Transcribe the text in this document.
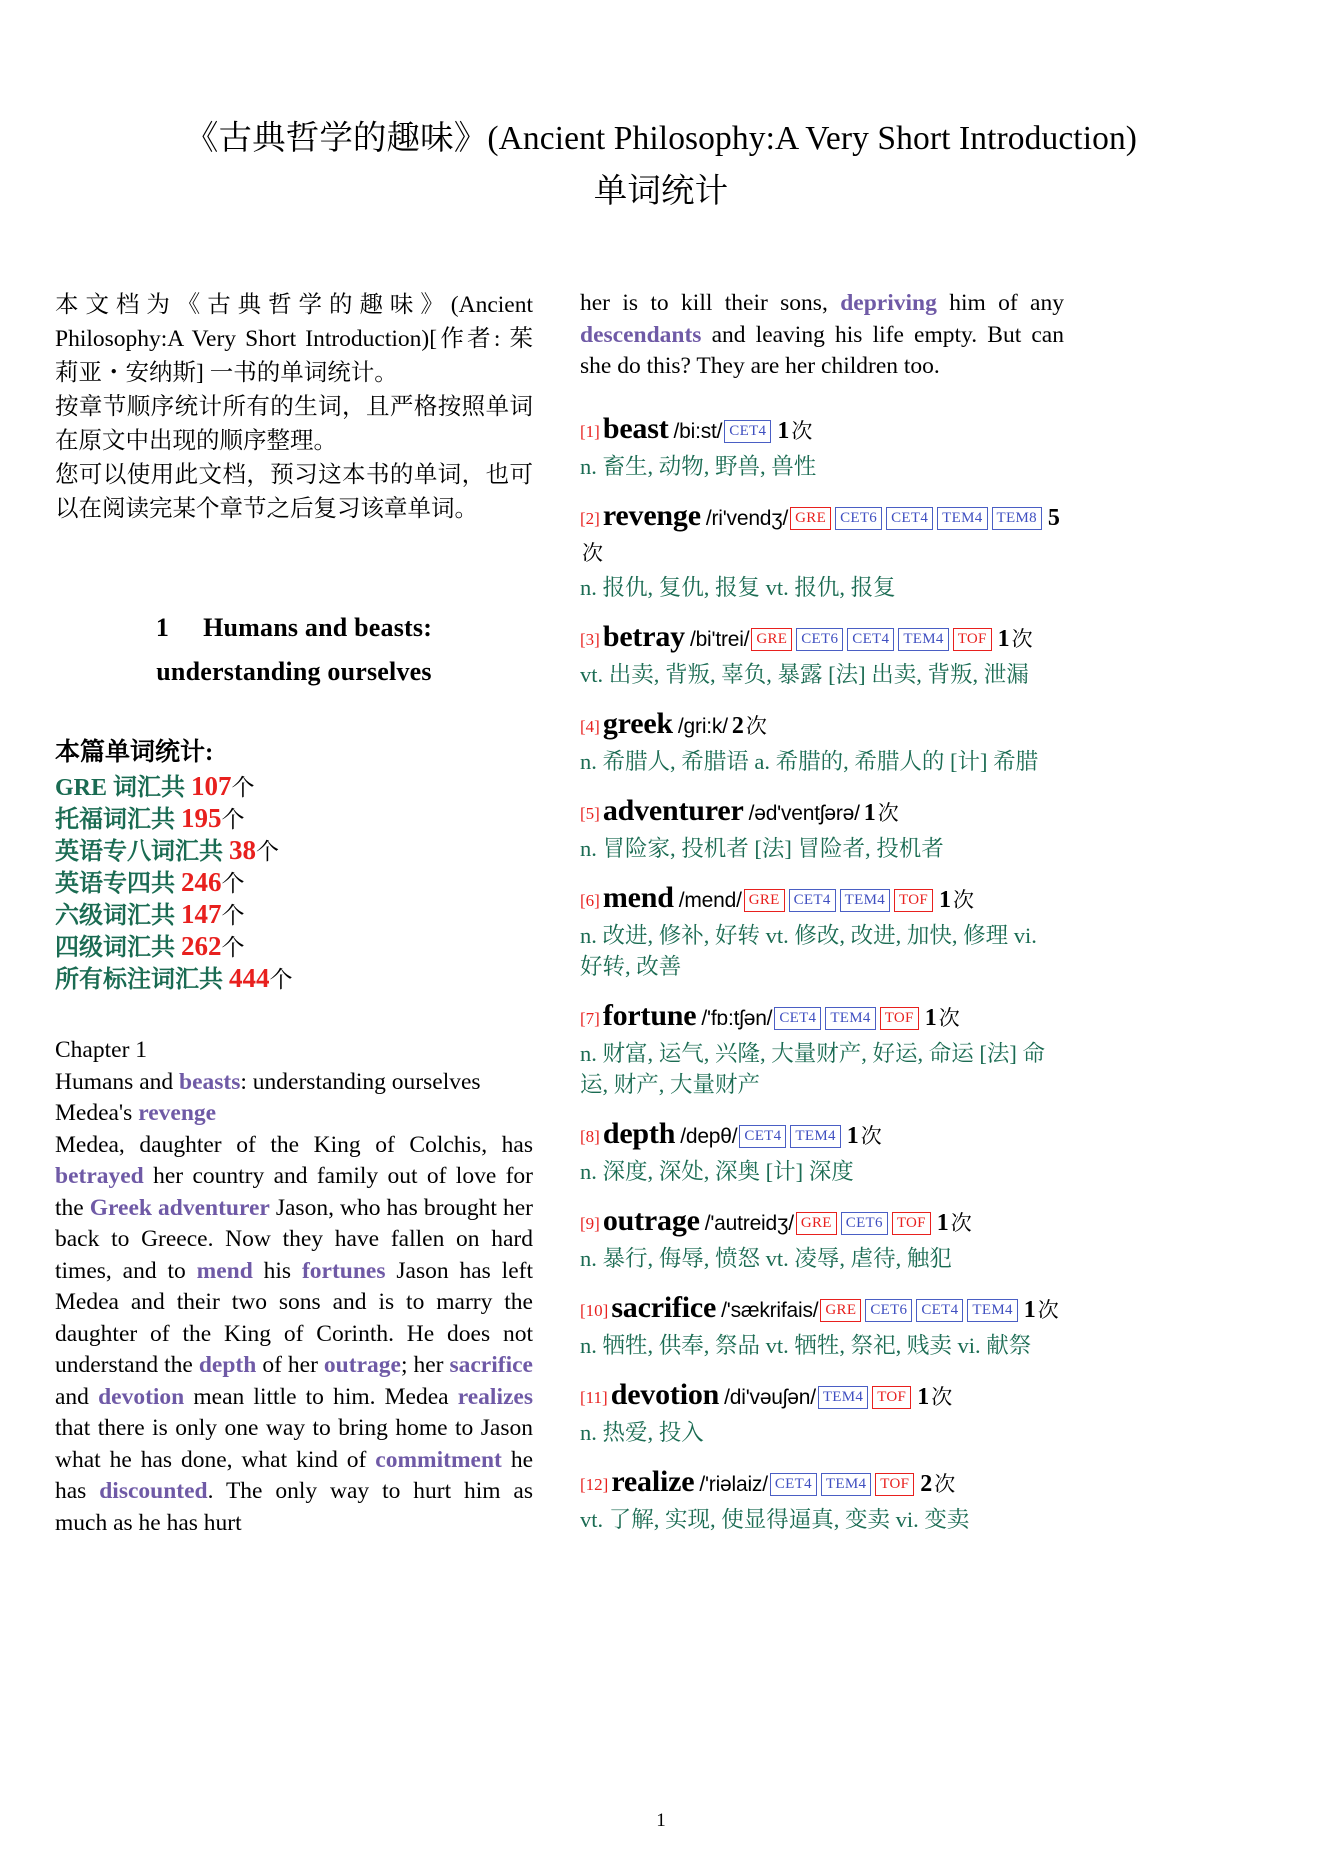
《古典哲学的趣味》(Ancient Philosophy:A Very Short Introduction)
单词统计

本文档为《古典哲学的趣味》(Ancient Philosophy:A Very Short Introduction)[作者: 茱莉亚・安纳斯] 一书的单词统计。

按章节顺序统计所有的生词，且严格按照单词在原文中出现的顺序整理。

您可以使用此文档，预习这本书的单词，也可以在阅读完某个章节之后复习该章单词。

1 Humans and beasts:
understanding ourselves
本篇单词统计:
GRE 词汇共 107个
托福词汇共 195个
英语专八词汇共 38个
英语专四共 246个
六级词汇共 147个
四级词汇共 262个
所有标注词汇共 444个

Chapter 1

Humans and beasts: understanding ourselves

Medea's revenge

Medea, daughter of the King of Colchis, has betrayed her country and family out of love for the Greek adventurer Jason, who has brought her back to Greece. Now they have fallen on hard times, and to mend his fortunes Jason has left Medea and their two sons and is to marry the daughter of the King of Corinth. He does not understand the depth of her outrage; her sacrifice and devotion mean little to him. Medea realizes that there is only one way to bring home to Jason what he has done, what kind of commitment he has discounted. The only way to hurt him as much as he has hurt

her is to kill their sons, depriving him of any descendants and leaving his life empty. But can she do this? They are her children too.

[1] beast /bi:st/ CET4 1次
n. 畜生, 动物, 野兽, 兽性
[2] revenge /ri'vendʒ/ GRE CET6 CET4 TEM4 TEM8 5次
n. 报仇, 复仇, 报复 vt. 报仇, 报复
[3] betray /bi'trei/ GRE CET6 CET4 TEM4 TOF 1次
vt. 出卖, 背叛, 辜负, 暴露 [法] 出卖, 背叛, 泄漏
[4] greek /gri:k/ 2次
n. 希腊人, 希腊语 a. 希腊的, 希腊人的 [计] 希腊
[5] adventurer /əd'ventʃərə/ 1次
n. 冒险家, 投机者 [法] 冒险者, 投机者
[6] mend /mend/ GRE CET4 TEM4 TOF 1次
n. 改进, 修补, 好转 vt. 修改, 改进, 加快, 修理 vi. 好转, 改善
[7] fortune /'fɒ:tʃən/ CET4 TEM4 TOF 1次
n. 财富, 运气, 兴隆, 大量财产, 好运, 命运 [法] 命运, 财产, 大量财产
[8] depth /depθ/ CET4 TEM4 1次
n. 深度, 深处, 深奥 [计] 深度
[9] outrage /'autreidʒ/ GRE CET6 TOF 1次
n. 暴行, 侮辱, 愤怒 vt. 凌辱, 虐待, 触犯
[10] sacrifice /'sækrifais/ GRE CET6 CET4 TEM4 1次
n. 牺牲, 供奉, 祭品 vt. 牺牲, 祭祀, 贱卖 vi. 献祭
[11] devotion /di'vəuʃən/ TEM4 TOF 1次
n. 热爱, 投入
[12] realize /'riəlaiz/ CET4 TEM4 TOF 2次
vt. 了解, 实现, 使显得逼真, 变卖 vi. 变卖
1
